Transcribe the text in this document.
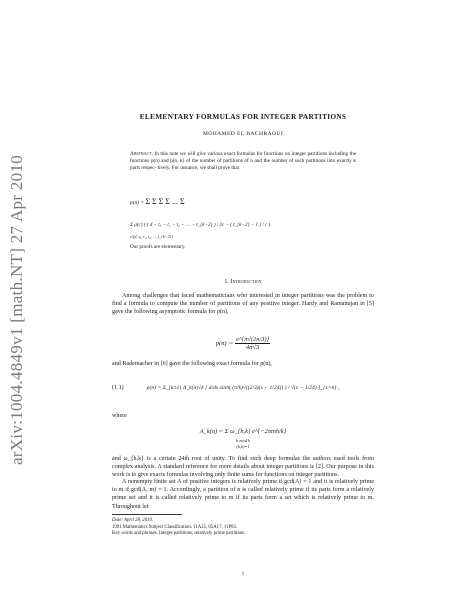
arXiv:1004.4849v1 [math.NT] 27 Apr 2010
ELEMENTARY FORMULAS FOR INTEGER PARTITIONS
MOHAMED EL BACHRAOUI
Abstract. In this note we will give various exact formulas for functions on integer partitions including the functions p(n) and p(n, k) of the number of partitions of n and the number of such partitions into exactly k parts respec- tively. For instance, we shall prove that
p(n) = Σ Σ Σ Σ ... Σ
Σ μ(c) ( ( d − t₀ − t₁ − t₂ − … − t_{k−2} ) / 2c − ( t_{k−2} − 1 ) / c ).
c|(d, t₀, t₁, t₂, ..., t_{k−2})
Our proofs are elementary.
1. Introduction
Among challenges that faced mathematicians who interested in integer partitions was the problem to find a formula to compute the number of partitions of any positive integer. Hardy and Ramanujan in [5] gave the following asymptotic formula for p(n),
p(n) ∼ $\frac{e\^{}\{\pi√(2n/3)\}}{4n√3}$
and Rademacher in [6] gave the following exact formula for p(n),
(1.1)	p(n) = Σ_{k≥1} A_k(n)√k [ d/dx sinh( (π/k)√((2/3)(x − 1/24)) ) / √(x − 1/24) ]_{x=n} ,
where
A_k(n) = Σ ω_{h,k} e^{−2πinh/k}
h mod k
(h,k)=1
and ω_{h,k} is a certain 24th root of unity. To find such deep formulas the authors used tools from complex analysis. A standard reference for more details about integer partitions is [2]. Our purpose in this work is to give exacts formulas involving only finite sums for functions on integer partitions.
A nonempty finite set A of positive integers is relatively prime if gcd(A) = 1 and it is relatively prime to m if gcd(A, m) = 1. Accordingly, a partition of n is called relatively prime if its parts form a relatively prime set and it is called relatively prime to m if its parts form a set which is relatively prime to m. Throughout let
Date: April 28, 2010.
1991 Mathematics Subject Classification. 11A25, 05A17, 11P83.
Key words and phrases. Integer partitions, relatively prime partitions.
1
